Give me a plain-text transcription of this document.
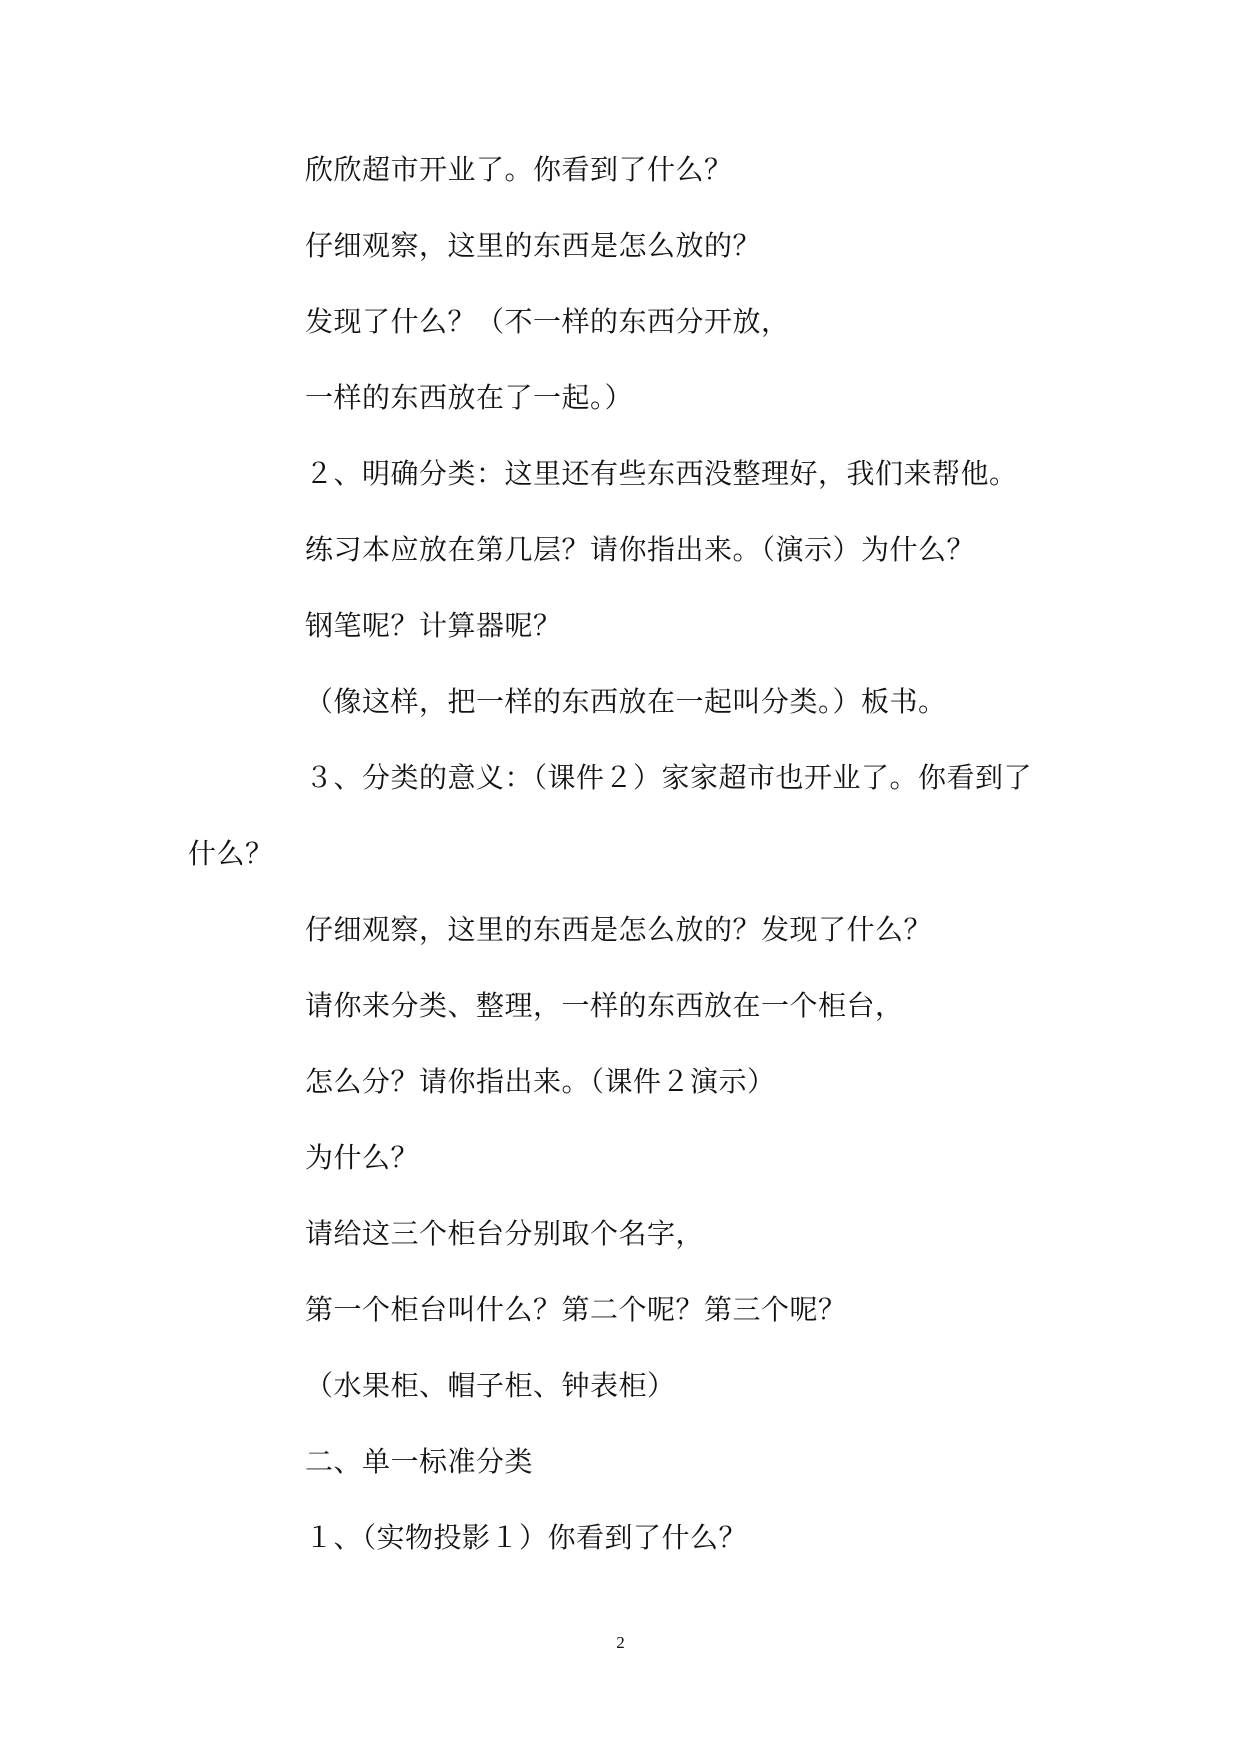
欣欣超市开业了。你看到了什么？
仔细观察，这里的东西是怎么放的？
发现了什么？（不一样的东西分开放，
一样的东西放在了一起。）
２、明确分类：这里还有些东西没整理好，我们来帮他。
练习本应放在第几层？请你指出来。（演示）为什么？
钢笔呢？计算器呢？
（像这样，把一样的东西放在一起叫分类。）板书。
３、分类的意义：（课件２）家家超市也开业了。你看到了
什么？
仔细观察，这里的东西是怎么放的？发现了什么？
请你来分类、整理，一样的东西放在一个柜台，
怎么分？请你指出来。（课件２演示）
为什么？
请给这三个柜台分别取个名字，
第一个柜台叫什么？第二个呢？第三个呢？
（水果柜、帽子柜、钟表柜）
二、单一标准分类
１、（实物投影１）你看到了什么？
2
